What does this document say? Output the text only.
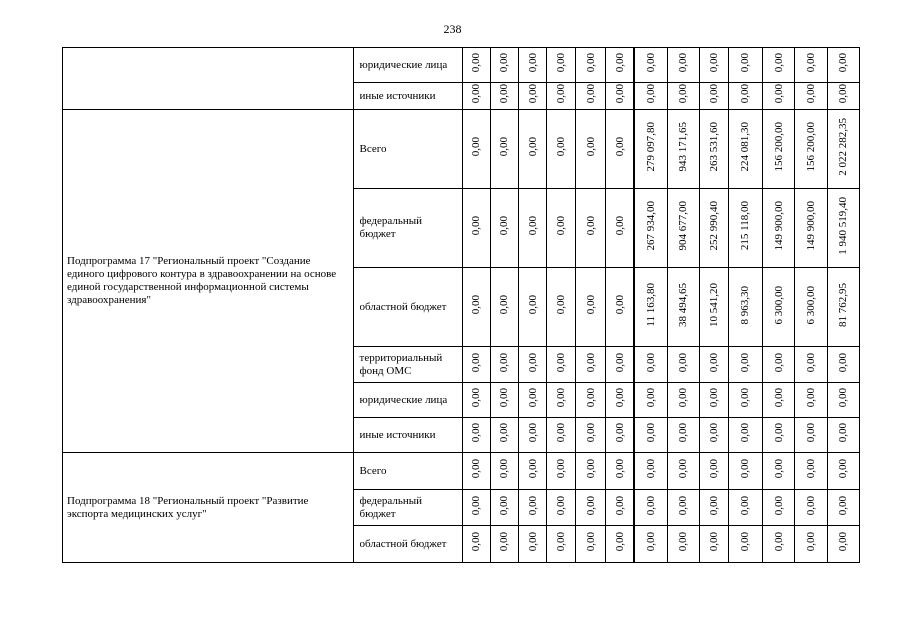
238
	юридические лица	0,00	0,00	0,00	0,00	0,00	0,00	0,00	0,00	0,00	0,00	0,00	0,00	0,00
	иные источники	0,00	0,00	0,00	0,00	0,00	0,00	0,00	0,00	0,00	0,00	0,00	0,00	0,00
Подпрограмма 17 "Региональный проект "Создание единого цифрового контура в здравоохранении на основе единой государственной информационной системы здравоохранения"	Всего	0,00	0,00	0,00	0,00	0,00	0,00	279 097,80	943 171,65	263 531,60	224 081,30	156 200,00	156 200,00	2 022 282,35
	федеральный бюджет	0,00	0,00	0,00	0,00	0,00	0,00	267 934,00	904 677,00	252 990,40	215 118,00	149 900,00	149 900,00	1 940 519,40
	областной бюджет	0,00	0,00	0,00	0,00	0,00	0,00	11 163,80	38 494,65	10 541,20	8 963,30	6 300,00	6 300,00	81 762,95
	территориальный фонд ОМС	0,00	0,00	0,00	0,00	0,00	0,00	0,00	0,00	0,00	0,00	0,00	0,00	0,00
	юридические лица	0,00	0,00	0,00	0,00	0,00	0,00	0,00	0,00	0,00	0,00	0,00	0,00	0,00
	иные источники	0,00	0,00	0,00	0,00	0,00	0,00	0,00	0,00	0,00	0,00	0,00	0,00	0,00
Подпрограмма 18 "Региональный проект "Развитие экспорта медицинских услуг"	Всего	0,00	0,00	0,00	0,00	0,00	0,00	0,00	0,00	0,00	0,00	0,00	0,00	0,00
	федеральный бюджет	0,00	0,00	0,00	0,00	0,00	0,00	0,00	0,00	0,00	0,00	0,00	0,00	0,00
	областной бюджет	0,00	0,00	0,00	0,00	0,00	0,00	0,00	0,00	0,00	0,00	0,00	0,00	0,00
